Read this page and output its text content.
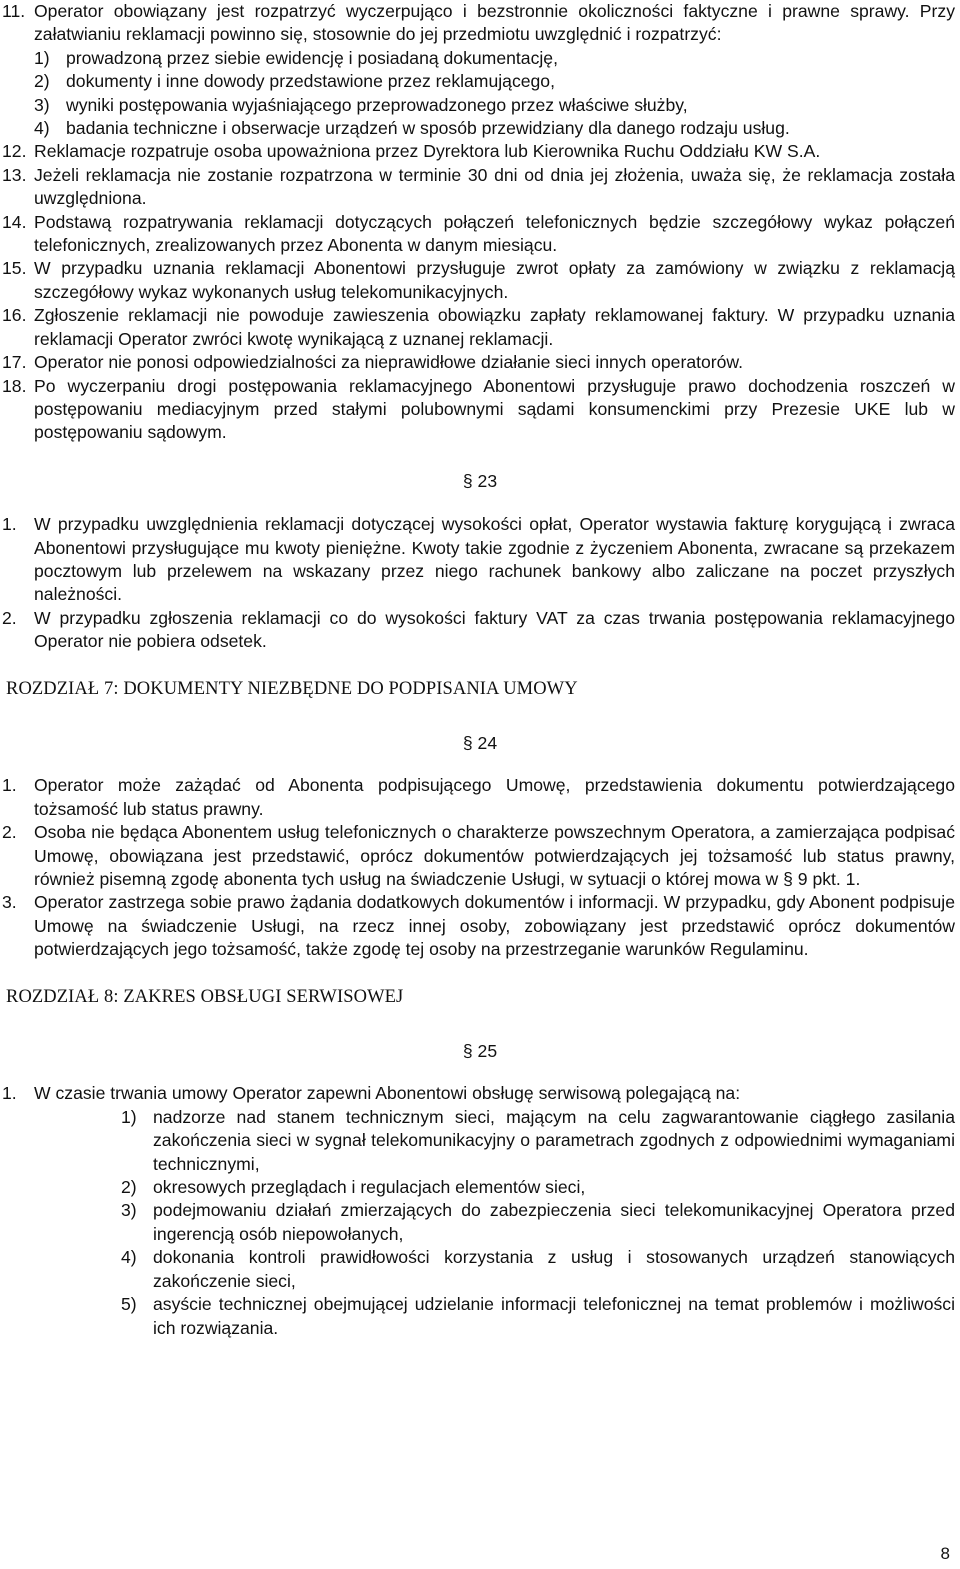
11. Operator obowiązany jest rozpatrzyć wyczerpująco i bezstronnie okoliczności faktyczne i prawne sprawy. Przy załatwianiu reklamacji powinno się, stosownie do jej przedmiotu uwzględnić i rozpatrzyć:
1) prowadzoną przez siebie ewidencję i posiadaną dokumentację,
2) dokumenty i inne dowody przedstawione przez reklamującego,
3) wyniki postępowania wyjaśniającego przeprowadzonego przez właściwe służby,
4) badania techniczne i obserwacje urządzeń w sposób przewidziany dla danego rodzaju usług.
12. Reklamacje rozpatruje osoba upoważniona przez Dyrektora lub Kierownika Ruchu Oddziału KW S.A.
13. Jeżeli reklamacja nie zostanie rozpatrzona w terminie 30 dni od dnia jej złożenia, uważa się, że reklamacja została uwzględniona.
14. Podstawą rozpatrywania reklamacji dotyczących połączeń telefonicznych będzie szczegółowy wykaz połączeń telefonicznych, zrealizowanych przez Abonenta w danym miesiącu.
15. W przypadku uznania reklamacji Abonentowi przysługuje zwrot opłaty za zamówiony w związku z reklamacją szczegółowy wykaz wykonanych usług telekomunikacyjnych.
16. Zgłoszenie reklamacji nie powoduje zawieszenia obowiązku zapłaty reklamowanej faktury. W przypadku uznania reklamacji Operator zwróci kwotę wynikającą z uznanej reklamacji.
17. Operator nie ponosi odpowiedzialności za nieprawidłowe działanie sieci innych operatorów.
18. Po wyczerpaniu drogi postępowania reklamacyjnego Abonentowi przysługuje prawo dochodzenia roszczeń w postępowaniu mediacyjnym przed stałymi polubownymi sądami konsumenckimi przy Prezesie UKE lub w postępowaniu sądowym.

§ 23

1. W przypadku uwzględnienia reklamacji dotyczącej wysokości opłat, Operator wystawia fakturę korygującą i zwraca Abonentowi przysługujące mu kwoty pieniężne. Kwoty takie zgodnie z życzeniem Abonenta, zwracane są przekazem pocztowym lub przelewem na wskazany przez niego rachunek bankowy albo zaliczane na poczet przyszłych należności.
2. W przypadku zgłoszenia reklamacji co do wysokości faktury VAT za czas trwania postępowania reklamacyjnego Operator nie pobiera odsetek.
ROZDZIAŁ 7: DOKUMENTY NIEZBĘDNE DO PODPISANIA UMOWY

§ 24

1. Operator może zażądać od Abonenta podpisującego Umowę, przedstawienia dokumentu potwierdzającego tożsamość lub status prawny.
2. Osoba nie będąca Abonentem usług telefonicznych o charakterze powszechnym Operatora, a zamierzająca podpisać Umowę, obowiązana jest przedstawić, oprócz dokumentów potwierdzających jej tożsamość lub status prawny, również pisemną zgodę abonenta tych usług na świadczenie Usługi, w sytuacji o której mowa w § 9 pkt. 1.
3. Operator zastrzega sobie prawo żądania dodatkowych dokumentów i informacji. W przypadku, gdy Abonent podpisuje Umowę na świadczenie Usługi, na rzecz innej osoby, zobowiązany jest przedstawić oprócz dokumentów potwierdzających jego tożsamość, także zgodę tej osoby na przestrzeganie warunków Regulaminu.
ROZDZIAŁ 8: ZAKRES OBSŁUGI SERWISOWEJ

§ 25

1. W czasie trwania umowy Operator zapewni Abonentowi obsługę serwisową polegającą na:
1) nadzorze nad stanem technicznym sieci, mającym na celu zagwarantowanie ciągłego zasilania zakończenia sieci w sygnał telekomunikacyjny o parametrach zgodnych z odpowiednimi wymaganiami technicznymi,
2) okresowych przeglądach i regulacjach elementów sieci,
3) podejmowaniu działań zmierzających do zabezpieczenia sieci telekomunikacyjnej Operatora przed ingerencją osób niepowołanych,
4) dokonania kontroli prawidłowości korzystania z usług i stosowanych urządzeń stanowiących zakończenie sieci,
5) asyście technicznej obejmującej udzielanie informacji telefonicznej na temat problemów i możliwości ich rozwiązania.
8
